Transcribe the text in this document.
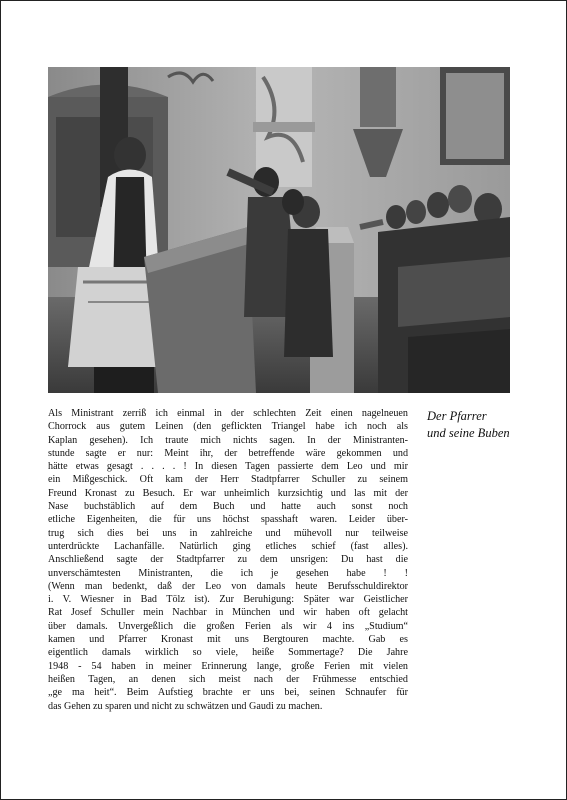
Als Ministrant zerriß ich einmal in der schlechten Zeit einen nagelneuen
Chorrock aus gutem Leinen (den geflickten Triangel habe ich noch als
Kaplan gesehen). Ich traute mich nichts sagen. In der Ministranten-
stunde sagte er nur: Meint ihr, der betreffende wäre gekommen und
hätte etwas gesagt . . . . ! In diesen Tagen passierte dem Leo und mir
ein Mißgeschick. Oft kam der Herr Stadtpfarrer Schuller zu seinem
Freund Kronast zu Besuch. Er war unheimlich kurzsichtig und las mit der
Nase buchstäblich auf dem Buch und hatte auch sonst noch
etliche Eigenheiten, die für uns höchst spasshaft waren. Leider über-
trug sich dies bei uns in zahlreiche und mühevoll nur teilweise
unterdrückte Lachanfälle. Natürlich ging etliches schief (fast alles).
Anschließend sagte der Stadtpfarrer zu dem unsrigen: Du hast die
unverschämtesten Ministranten, die ich je gesehen habe ! !
(Wenn man bedenkt, daß der Leo von damals heute Berufsschuldirektor
i. V. Wiesner in Bad Tölz ist). Zur Beruhigung: Später war Geistlicher
Rat Josef Schuller mein Nachbar in München und wir haben oft gelacht
über damals. Unvergeßlich die großen Ferien als wir 4 ins „Studium“
kamen und Pfarrer Kronast mit uns Bergtouren machte. Gab es
eigentlich damals wirklich so viele, heiße Sommertage? Die Jahre
1948 - 54 haben in meiner Erinnerung lange, große Ferien mit vielen
heißen Tagen, an denen sich meist nach der Frühmesse entschied
„ge ma heit“. Beim Aufstieg brachte er uns bei, seinen Schnaufer für
das Gehen zu sparen und nicht zu schwätzen und Gaudi zu machen.
Der Pfarrer
und seine Buben
